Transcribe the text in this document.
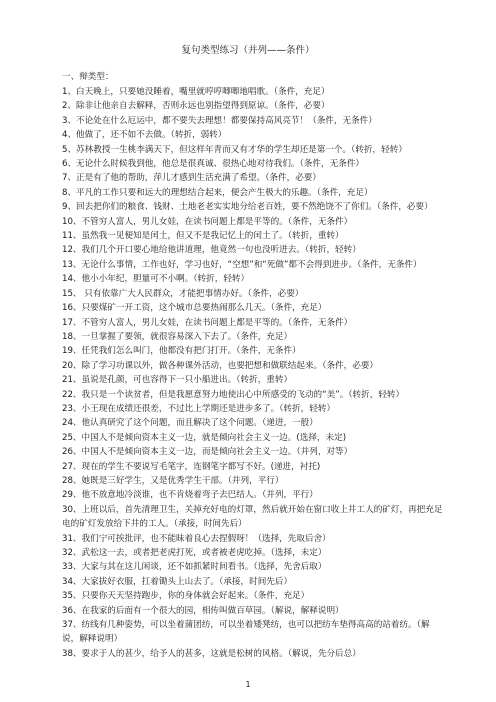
复句类型练习（并列——条件）
一、辩类型：
1、白天晚上，只要她没睡着，嘴里就哼哼唧唧地唱歌。（条件，充足）
2、除非让他亲自去解释，否则永远也别指望得到原谅。（条件，必要）
3、不论处在什么厄运中，都不要失去理想！都要保持高风亮节！（条件，无条件）
4、他做了，还不如不去做。（转折，弱转）
5、苏林教授一生桃李满天下，但这样年青而又有才华的学生却还是第一个。（转折，轻转）
6、无论什么时候我到他，他总是很真诚、很热心地对待我们。（条件，无条件）
7、正是有了他的帮助，萍儿才感到生活充满了希望。（条件，必要）
8、平凡的工作只要和远大的理想结合起来，便会产生极大的乐趣。（条件，充足）
9、回去把你们的粮食、钱财、土地老老实实地分给老百姓，要不然绝饶不了你们。（条件，必要）
10、不管穷人富人，男儿女娃，在读书问题上都是平等的。（条件，无条件）
11、虽然我一见便知是闰土，但又不是我记忆上的闰土了。（转折，重转）
12、我们几个开口要心地给他讲道理，他竟然一句也没听进去。（转折，轻转）
13、无论什么事情，工作也好，学习也好，“空想”和“死做”都不会得到进步。（条件，无条件）
14、他小小年纪，胆量可不小啊。（转折，轻转）
15、 只有依靠广大人民群众，才能把事情办好。（条件，必要）
16、只要煤矿一开工资，这个城市总要热闹那么几天。（条件，充足）
17、不管穷人富人，男儿女娃，在读书问题上都是平等的。（条件，无条件）
18、一旦掌握了要领，就很容易深入下去了。（条件，充足）
19、任凭我们怎么叫门，他都没有把门打开。（条件，无条件）
20、除了学习功课以外，做各种课外活动，也要把想和做联结起来。（条件，必要）
21、虽说是孔颜，可也容得下一只小船进出。（转折，重转）
22、我只是一个读贫者，但是我愿意努力地使出心中所感受的飞动的“美”。（转折，轻转）
23、小王现在成绩还很差，不过比上学期还是进步多了。（转折，轻转）
24、他认真研究了这个问题，而且解决了这个问题。（递进，一般）
25、中国人不是倾向资本主义一边，就是倾向社会主义一边。(选择，未定)
26、中国人不是倾向资本主义一边，而是倾向社会主义一边。（并列，对等）
27、现在的学生不要说写毛笔字，连钢笔字都写不好。(递进，衬托)
28、她既是三好学生，又是优秀学生干部。（并列，平行）
29、他不放意地冷淡谁，也不肯烧着弯子去巴结人。（并列，平行）
30、上班以后，首先清理卫生，关掉充好电的灯罩，然后就开始在窗口收上井工人的矿灯，再把充足电的矿灯发放给下井的工人。（承接，时间先后）
31、我们宁可挨批评，也不能昧着良心去捏假呀！（选择，先取后舍）
32、武松这一去，或者把老虎打死，或者被老虎吃掉。（选择，未定）
33、大家与其在这儿闲谈，还不如抓紧时间看书。（选择，先舍后取）
34、大家拔好衣服，扛着锄头上山去了。（承接，时间先后）
35、只要你天天坚持跑步，你的身体就会好起来。（条件，充足）
36、在我家的后面有一个很大的园，相传叫做百草园。（解说，解释说明）
37、纺线有几种姿势，可以坐着蒲团纺，可以坐着矮凳纺，也可以把纺车垫得高高的站着纺。（解说，解释说明）
38、要求于人的甚少，给予人的甚多，这就是松树的风格。（解说，先分后总）
1
